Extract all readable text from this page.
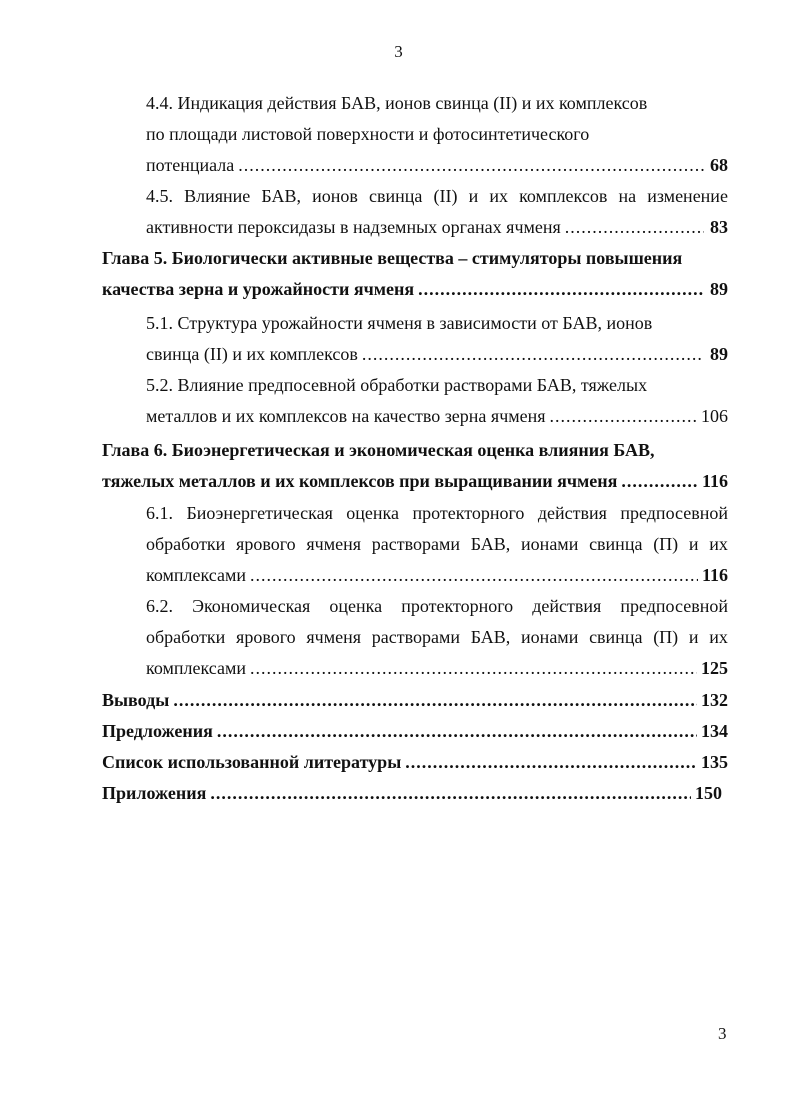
3
4.4. Индикация действия БАВ, ионов свинца (II) и их комплексов
по площади листовой поверхности и фотосинтетического
потенциала .....	68
4.5. Влияние БАВ, ионов свинца (II) и их комплексов на изменение
активности пероксидазы в надземных органах ячменя .....	83
Глава 5. Биологически активные вещества – стимуляторы повышения
качества зерна и урожайности ячменя .....	89
5.1. Структура урожайности ячменя в зависимости от БАВ, ионов
свинца (II) и их комплексов .....	89
5.2. Влияние предпосевной обработки растворами БАВ, тяжелых
металлов и их комплексов на качество зерна ячменя .....	106
Глава 6. Биоэнергетическая и экономическая оценка влияния БАВ,
тяжелых металлов и их комплексов при выращивании ячменя .....	116
6.1. Биоэнергетическая оценка протекторного действия предпосевной
обработки ярового ячменя растворами БАВ, ионами свинца (П) и их
комплексами .....	116
6.2. Экономическая оценка протекторного действия предпосевной
обработки ярового ячменя растворами БАВ, ионами свинца (П) и их
комплексами .....	125
Выводы .....	132
Предложения .....	134
Список использованной литературы .....	135
Приложения .....	150
3
